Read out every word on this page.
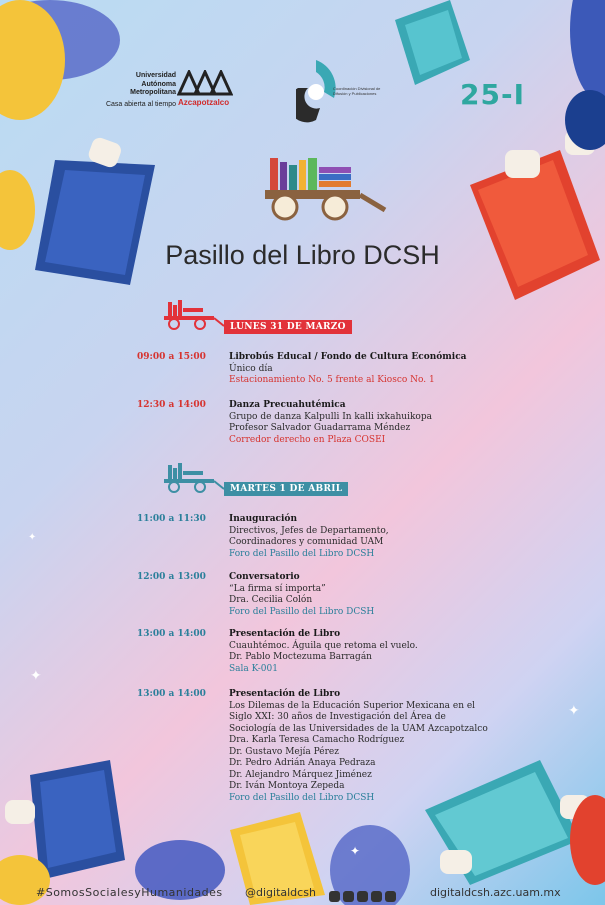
✦
✦
✦
✦
Universidad
Autónoma
Metropolitana
Casa abierta al tiempo Azcapotzalco
Coordinación Divisional de Difusión y Publicaciones	25-I
Pasillo del Libro DCSH
LUNES 31 DE MARZO
09:00 a 15:00	Librobús Educal / Fondo de Cultura Económica
Único día
Estacionamiento No. 5 frente al Kiosco No. 1
12:30 a 14:00	Danza Precuahutémica
Grupo de danza Kalpulli In kalli ixkahuikopa
Profesor Salvador Guadarrama Méndez
Corredor derecho en Plaza COSEI
MARTES 1 DE ABRIL
11:00 a 11:30	Inauguración
Directivos, Jefes de Departamento,
Coordinadores y comunidad UAM
Foro del Pasillo del Libro DCSH
12:00 a 13:00	Conversatorio
“La firma sí importa”
Dra. Cecilia Colón
Foro del Pasillo del Libro DCSH
13:00 a 14:00	Presentación de Libro
Cuauhtémoc. Águila que retoma el vuelo.
Dr. Pablo Moctezuma Barragán
Sala K-001
13:00 a 14:00	Presentación de Libro
Los Dilemas de la Educación Superior Mexicana en el
Siglo XXI: 30 años de Investigación del Área de
Sociología de las Universidades de la UAM Azcapotzalco
Dra. Karla Teresa Camacho Rodríguez
Dr. Gustavo Mejía Pérez
Dr. Pedro Adrián Anaya Pedraza
Dr. Alejandro Márquez Jiménez
Dr. Iván Montoya Zepeda
Foro del Pasillo del Libro DCSH
#SomosSocialesyHumanidades @digitaldcsh	digitaldcsh.azc.uam.mx
